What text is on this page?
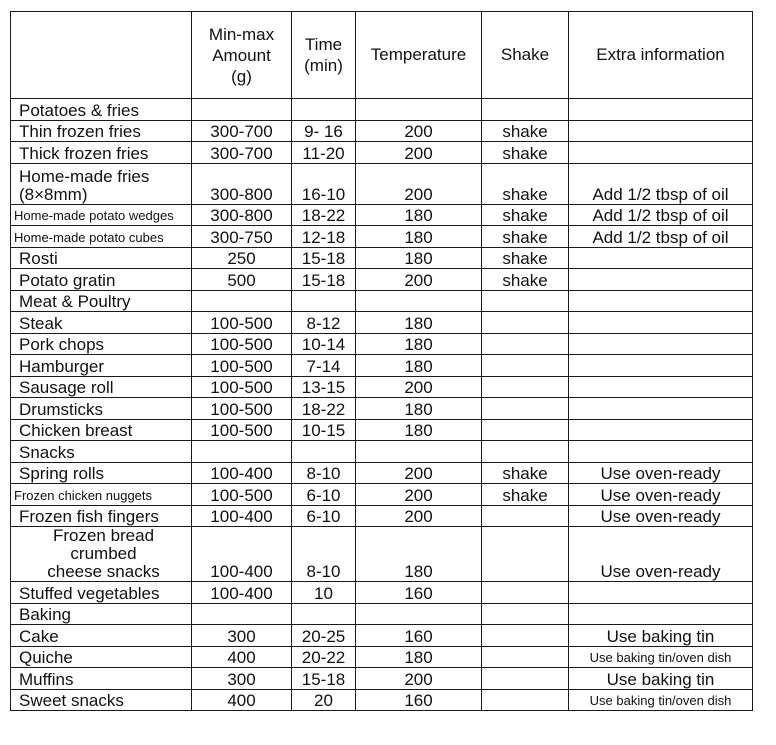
	Min-max
Amount
(g)	Time
(min)	Temperature	Shake	Extra information
Potatoes & fries					
Thin frozen fries	300-700	9- 16	200	shake	
Thick frozen fries	300-700	11-20	200	shake	
Home-made fries
(8×8mm)	300-800	16-10	200	shake	Add 1/2 tbsp of oil
Home-made potato wedges	300-800	18-22	180	shake	Add 1/2 tbsp of oil
Home-made potato cubes	300-750	12-18	180	shake	Add 1/2 tbsp of oil
Rosti	250	15-18	180	shake	
Potato gratin	500	15-18	200	shake	
Meat & Poultry					
Steak	100-500	8-12	180		
Pork chops	100-500	10-14	180		
Hamburger	100-500	7-14	180		
Sausage roll	100-500	13-15	200		
Drumsticks	100-500	18-22	180		
Chicken breast	100-500	10-15	180		
Snacks					
Spring rolls	100-400	8-10	200	shake	Use oven-ready
Frozen chicken nuggets	100-500	6-10	200	shake	Use oven-ready
Frozen fish fingers	100-400	6-10	200		Use oven-ready
Frozen bread crumbed
cheese snacks	100-400	8-10	180		Use oven-ready
Stuffed vegetables	100-400	10	160		
Baking					
Cake	300	20-25	160		Use baking tin
Quiche	400	20-22	180		Use baking tin/oven dish
Muffins	300	15-18	200		Use baking tin
Sweet snacks	400	20	160		Use baking tin/oven dish
